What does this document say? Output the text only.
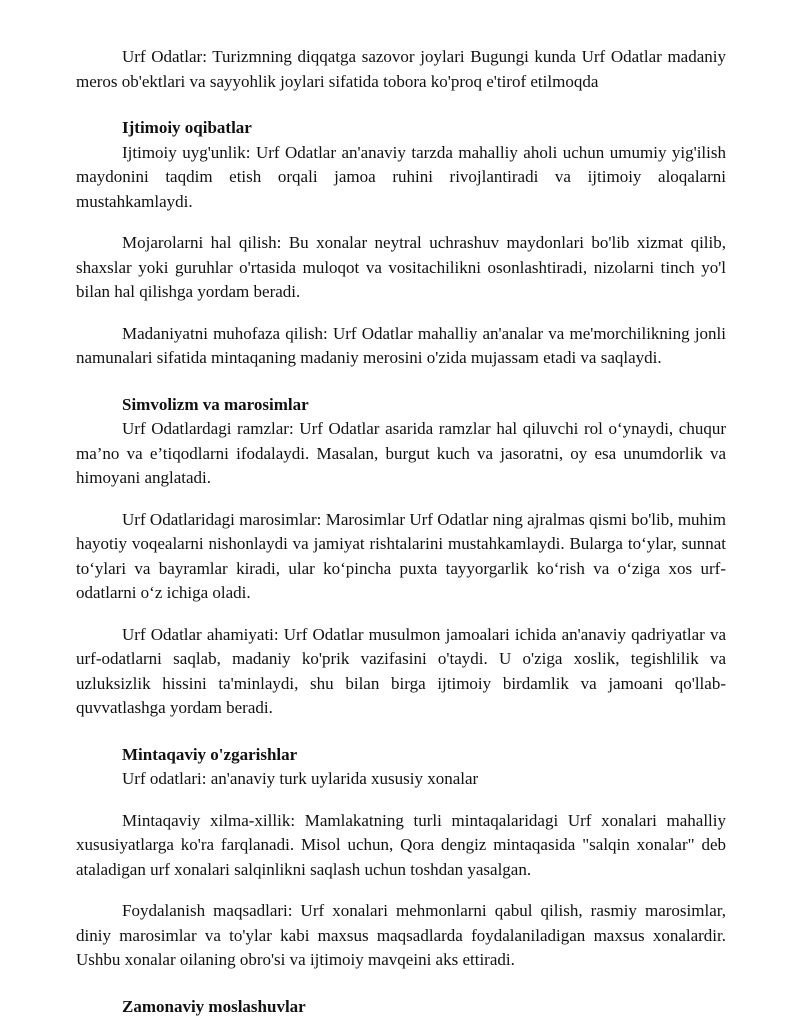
Urf Odatlar: Turizmning diqqatga sazovor joylari Bugungi kunda Urf Odatlar madaniy meros ob'ektlari va sayyohlik joylari sifatida tobora ko'proq e'tirof etilmoqda

Ijtimoiy oqibatlar

Ijtimoiy uyg'unlik: Urf Odatlar an'anaviy tarzda mahalliy aholi uchun umumiy yig'ilish maydonini taqdim etish orqali jamoa ruhini rivojlantiradi va ijtimoiy aloqalarni mustahkamlaydi.

Mojarolarni hal qilish: Bu xonalar neytral uchrashuv maydonlari bo'lib xizmat qilib, shaxslar yoki guruhlar o'rtasida muloqot va vositachilikni osonlashtiradi, nizolarni tinch yo'l bilan hal qilishga yordam beradi.

Madaniyatni muhofaza qilish: Urf Odatlar mahalliy an'analar va me'morchilikning jonli namunalari sifatida mintaqaning madaniy merosini o'zida mujassam etadi va saqlaydi.

Simvolizm va marosimlar

Urf Odatlardagi ramzlar: Urf Odatlar asarida ramzlar hal qiluvchi rol o‘ynaydi, chuqur ma’no va e’tiqodlarni ifodalaydi. Masalan, burgut kuch va jasoratni, oy esa unumdorlik va himoyani anglatadi.

Urf Odatlaridagi marosimlar: Marosimlar Urf Odatlar ning ajralmas qismi bo'lib, muhim hayotiy voqealarni nishonlaydi va jamiyat rishtalarini mustahkamlaydi. Bularga to‘ylar, sunnat to‘ylari va bayramlar kiradi, ular ko‘pincha puxta tayyorgarlik ko‘rish va o‘ziga xos urf-odatlarni o‘z ichiga oladi.

Urf Odatlar ahamiyati: Urf Odatlar musulmon jamoalari ichida an'anaviy qadriyatlar va urf-odatlarni saqlab, madaniy ko'prik vazifasini o'taydi. U o'ziga xoslik, tegishlilik va uzluksizlik hissini ta'minlaydi, shu bilan birga ijtimoiy birdamlik va jamoani qo'llab-quvvatlashga yordam beradi.

Mintaqaviy o'zgarishlar

Urf odatlari: an'anaviy turk uylarida xususiy xonalar

Mintaqaviy xilma-xillik: Mamlakatning turli mintaqalaridagi Urf xonalari mahalliy xususiyatlarga ko'ra farqlanadi. Misol uchun, Qora dengiz mintaqasida "salqin xonalar" deb ataladigan urf xonalari salqinlikni saqlash uchun toshdan yasalgan.

Foydalanish maqsadlari: Urf xonalari mehmonlarni qabul qilish, rasmiy marosimlar, diniy marosimlar va to'ylar kabi maxsus maqsadlarda foydalaniladigan maxsus xonalardir. Ushbu xonalar oilaning obro'si va ijtimoiy mavqeini aks ettiradi.

Zamonaviy moslashuvlar
